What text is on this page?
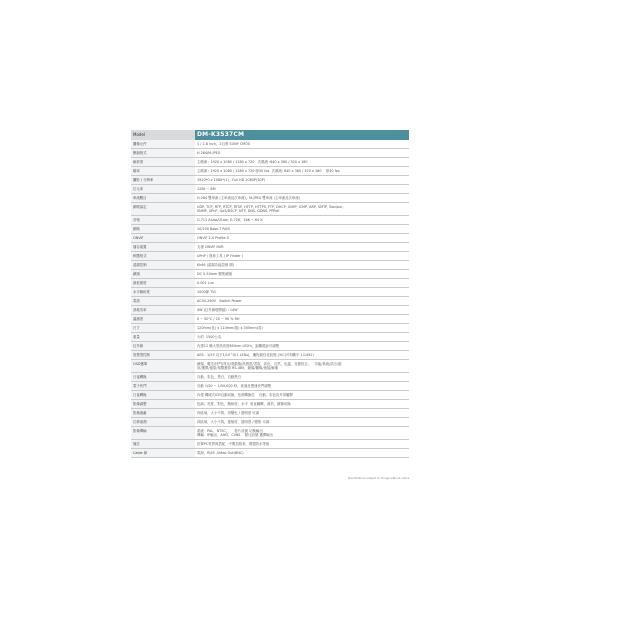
Model	DM-K3537CM
攝像元件	1 / 2.8 inch，2百萬 SONY CMOS
壓縮格式	H.264/M-JPEG
解析度	主碼流 : 1920 x 1080 / 1280 x 720   次碼流 :640 x 360 / 320 x 180
幀率	主碼流 : 1920 x 1080 / 1280 x 720 @30 fps  次碼流: 640 x 360 / 320 x 180    @30 fps
攝影 / 分辨率	1920*0 x 1080*(1)，Full HD 1080P(30P)
位元率	128k ~ 8M
串流數目	H.264 雙串流 (主串流及次串流)，M-JPEG 雙串流 (主串流及次串流)
網路協定	UDP, TCP, RTP, RTCP, RTSP, HTTP, HTTPS, FTP, DHCP, IGMP, ICMP, ARP, SMTP, Bonjour,
SNMP, UPnP, QoS/DSCP, NTP, DNS, DDNS, PPPoE
音頻	G.711 ALaw/ULaw, G.726，16K ~ 64 K
網路	10/100 Base-T RJ45
ONVIF	ONVIF 2.4 Profile S
儲存裝置	支援 ONVIF NVR
軟體格式	UPnP / 搜尋工具 ( IP Finder )
遠端控制	Kk46 (遠端功能控制 開)
鏡頭	DC 5-50mm 變焦鏡頭
最低照度	0.001 Lux
水平解析度	1000線 TVL
電源	AC90-260V   Switch Power
消耗功率	4W (紅外線燈開啟) : 14W
溫濕度	0 ~ 50℃ / 20 ~ 90 % RH
尺寸	120mm(長) x 110mm(寬) x 300mm(高)
重量	大約  1500公克
紅外線	內建12 顆大型高亮度850nm LED's，距離視距可調整
智慧型控制	AES：1/25 以下1/10^5(1 LEDs)，藥物最佳化狀態 (3/C)可判斷中 1/1492)
OSD選單	鏡頭，曝光/快門/背光/寬動態/高感度/晝夜，彩色，自然，色溫，自動校正，   功能/系統/語言/啟
用/選擇/還原/預覽畫面 RS-485，鏡頭/攝像/連接/解像
日夜轉換	自動，彩色，黑白，自動黑白
電子快門	自動 1/30 ~ 1/50,000 秒，高速及慢速快門調整
日夜轉換	內建 機械式ICR自動切換，依照轉換於    自動，彩色及外部觸發
影像調整	色調，亮度，對比，飽和度，水平  垂直翻轉，裁剪，鏡像切換
影像遮蔽	四區域，大小不拘，再變色 / 透明度 可調
位移偵測	四區域，大小不拘，靈敏度，透明度 / 變焦 可調
影像傳輸	系統：PAL，NTSC，     影片訊號 切換輸出
傳輸：IP輸出，AHD，CVBS    類比訊號 選擇輸出
備註	依單PC材質與搭配，中間加紙套，增強防水等級
Cable 線	電源，RJ45 ,Video Out(BNC)
Specifications subject to change without notice.
